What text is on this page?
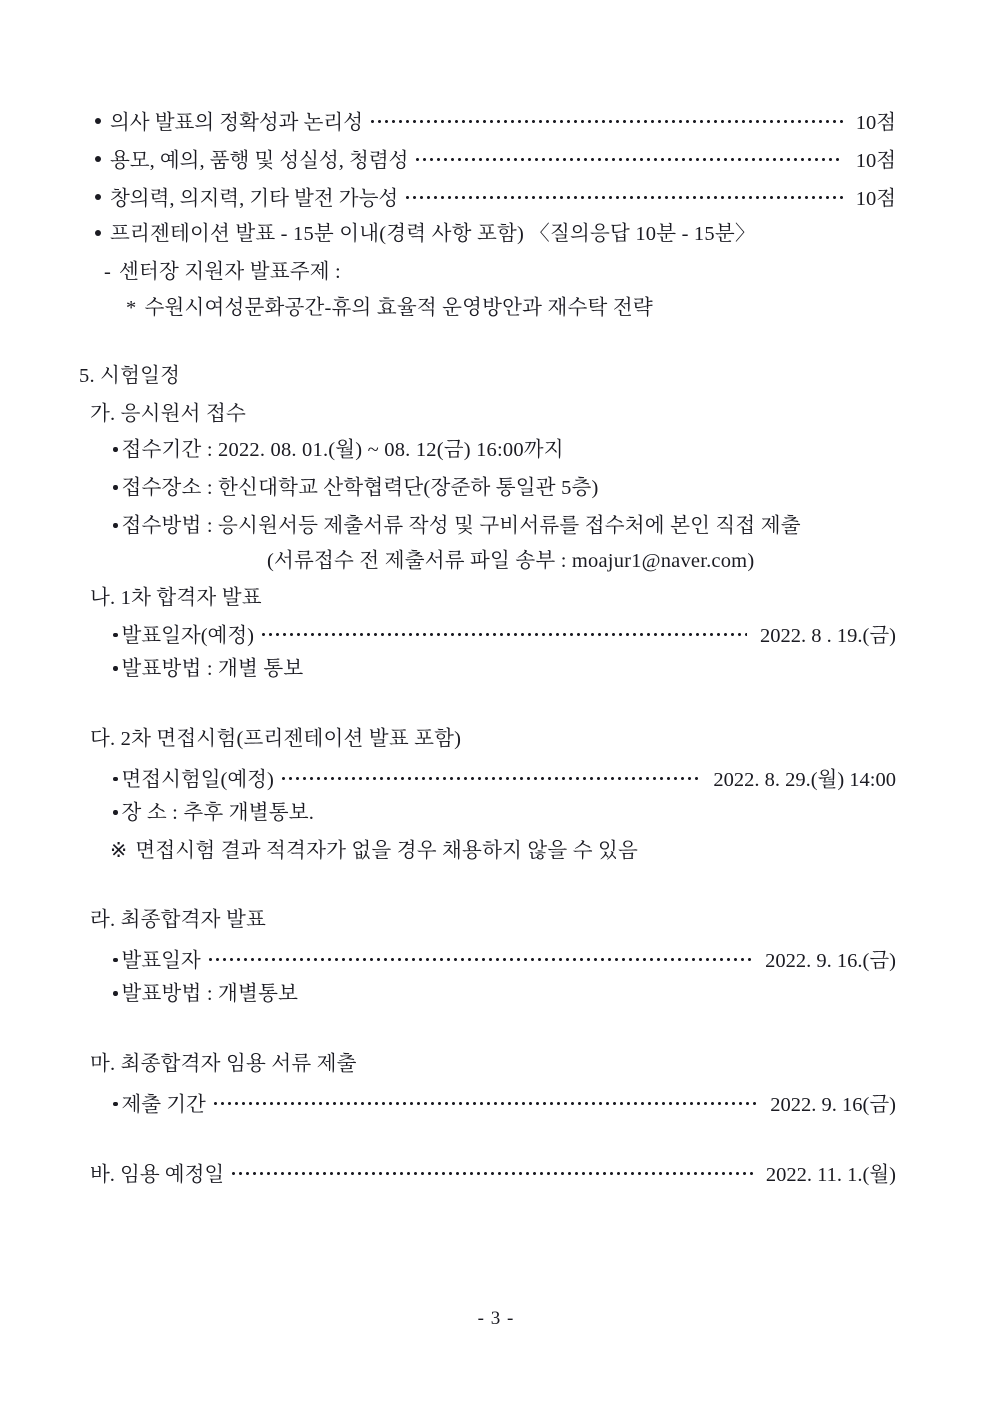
의사 발표의 정확성과 논리성	10점
용모, 예의, 품행 및 성실성, 청렴성	10점
창의력, 의지력, 기타 발전 가능성	10점
프리젠테이션 발표 - 15분 이내(경력 사항 포함) 〈질의응답 10분 - 15분〉
- 센터장 지원자 발표주제 :
* 수원시여성문화공간-휴의 효율적 운영방안과 재수탁 전략
5. 시험일정
가. 응시원서 접수
접수기간 : 2022. 08. 01.(월) ~ 08. 12(금) 16:00까지
접수장소 : 한신대학교 산학협력단(장준하 통일관 5층)
접수방법 : 응시원서등 제출서류 작성 및 구비서류를 접수처에 본인 직접 제출
(서류접수 전 제출서류 파일 송부 : moajur1@naver.com)
나. 1차 합격자 발표
발표일자(예정)	2022. 8 . 19.(금)
발표방법 : 개별 통보
다. 2차 면접시험(프리젠테이션 발표 포함)
면접시험일(예정)	2022. 8. 29.(월) 14:00
장 소 : 추후 개별통보.
※ 면접시험 결과 적격자가 없을 경우 채용하지 않을 수 있음
라. 최종합격자 발표
발표일자	2022. 9. 16.(금)
발표방법 : 개별통보
마. 최종합격자 임용 서류 제출
제출 기간	2022. 9. 16(금)
바. 임용 예정일	2022. 11. 1.(월)
- 3 -
